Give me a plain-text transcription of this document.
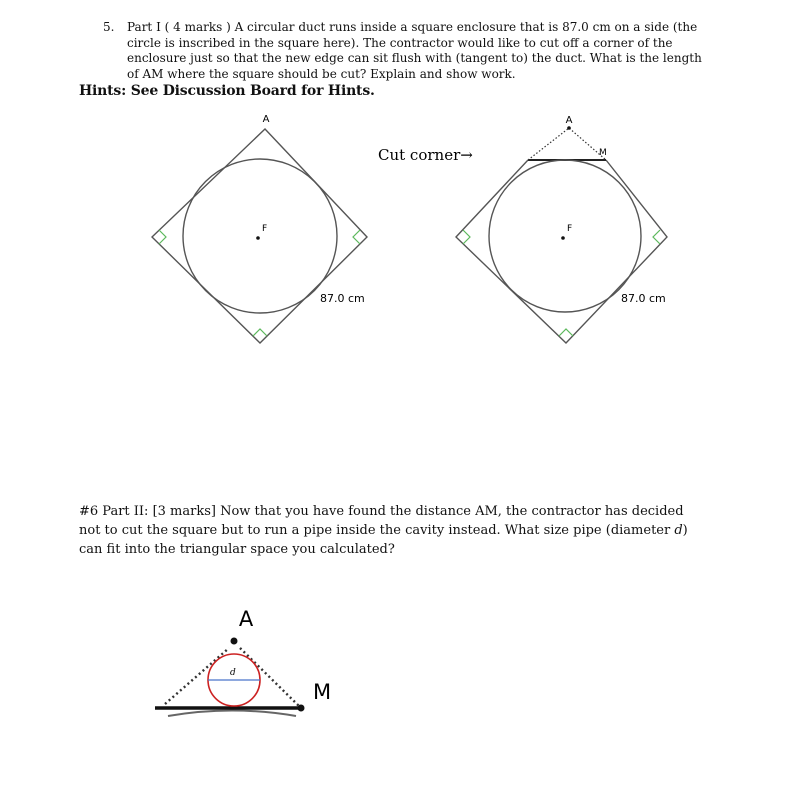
5. Part I ( 4 marks ) A circular duct runs inside a square enclosure that is 87.0 cm on a side (the circle is inscribed in the square here). The contractor would like to cut off a corner of the enclosure just so that the new edge can sit flush with (tangent to) the duct. What is the length of AM where the square should be cut? Explain and show work.
Hints: See Discussion Board for Hints.
#6 Part II: [3 marks] Now that you have found the distance AM, the contractor has decided not to cut the square but to run a pipe inside the cavity instead. What size pipe (diameter d) can fit into the triangular space you calculated?
A
F
87.0 cm
A
M
F
87.0 cm
Cut corner→
A
M
d
